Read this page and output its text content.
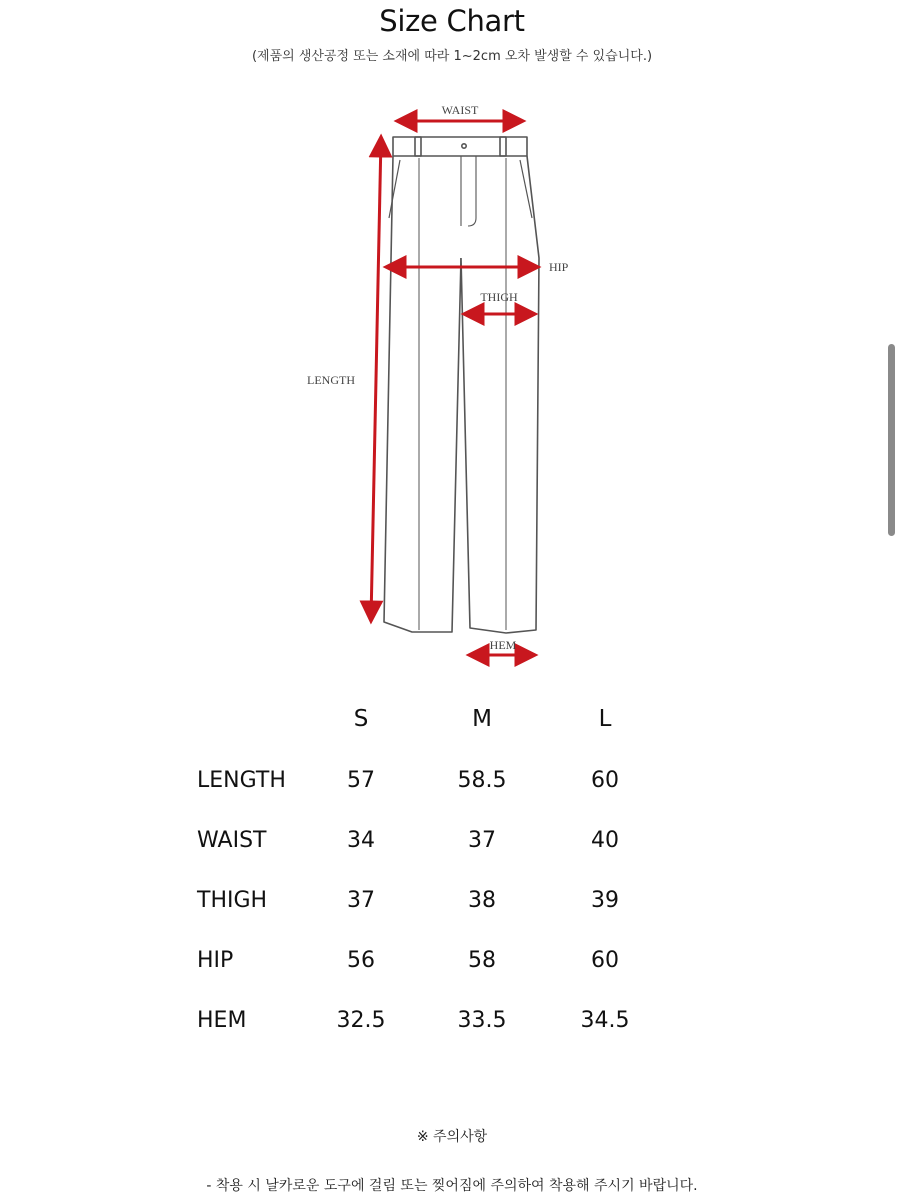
Size Chart
(제품의 생산공정 또는 소재에 따라 1~2cm 오차 발생할 수 있습니다.)
WAIST
HIP
THIGH
LENGTH
HEM
	S	M	L
LENGTH	57	58.5	60
WAIST	34	37	40
THIGH	37	38	39
HIP	56	58	60
HEM	32.5	33.5	34.5
※ 주의사항
- 착용 시 날카로운 도구에 걸림 또는 찢어짐에 주의하여 착용해 주시기 바랍니다.
